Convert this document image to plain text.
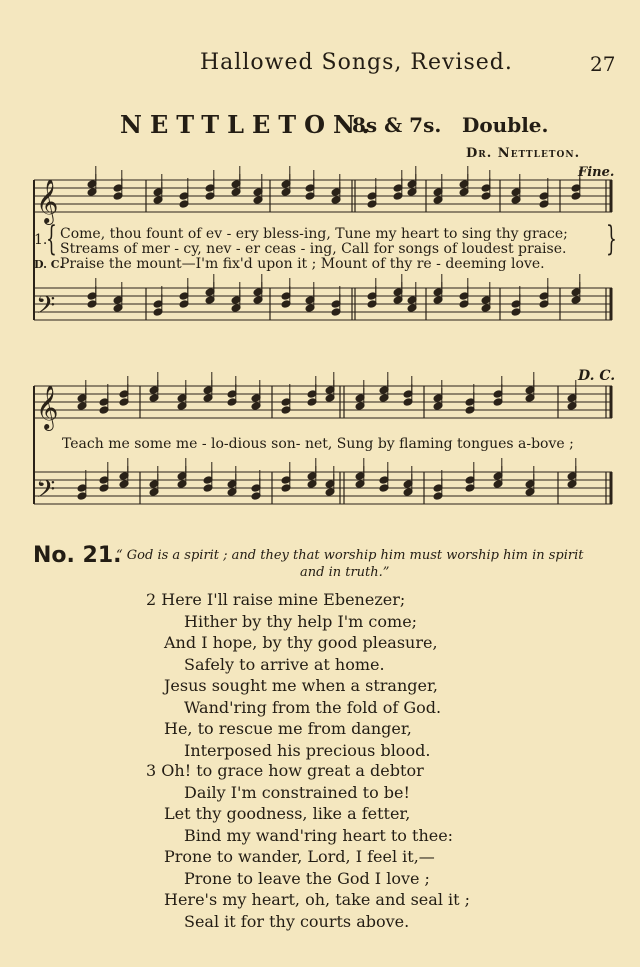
Hallowed Songs, Revised.	27
NETTLETON.
8s & 7s. Double.
Dr. Nettleton.
Fine.
D. C.
𝄞
𝄢
𝄞
𝄢
1.
{ Come, thou fount of ev - ery bless-ing, Tune my heart to sing thy grace;
Streams of mer - cy, nev - er ceas - ing, Call for songs of loudest praise. }
D. C.
Praise the mount—I'm fix'd upon it ; Mount of thy re - deeming love.
Teach me some me - lo-dious son- net, Sung by flaming tongues a-bove ;
No. 21.
“ God is a spirit ; and they that worship him must worship him in spirit
and in truth.”
2 Here I'll raise mine Ebenezer;
Hither by thy help I'm come;
And I hope, by thy good pleasure,
Safely to arrive at home.
Jesus sought me when a stranger,
Wand'ring from the fold of God.
He, to rescue me from danger,
Interposed his precious blood.
3 Oh! to grace how great a debtor
Daily I'm constrained to be!
Let thy goodness, like a fetter,
Bind my wand'ring heart to thee:
Prone to wander, Lord, I feel it,—
Prone to leave the God I love ;
Here's my heart, oh, take and seal it ;
Seal it for thy courts above.
